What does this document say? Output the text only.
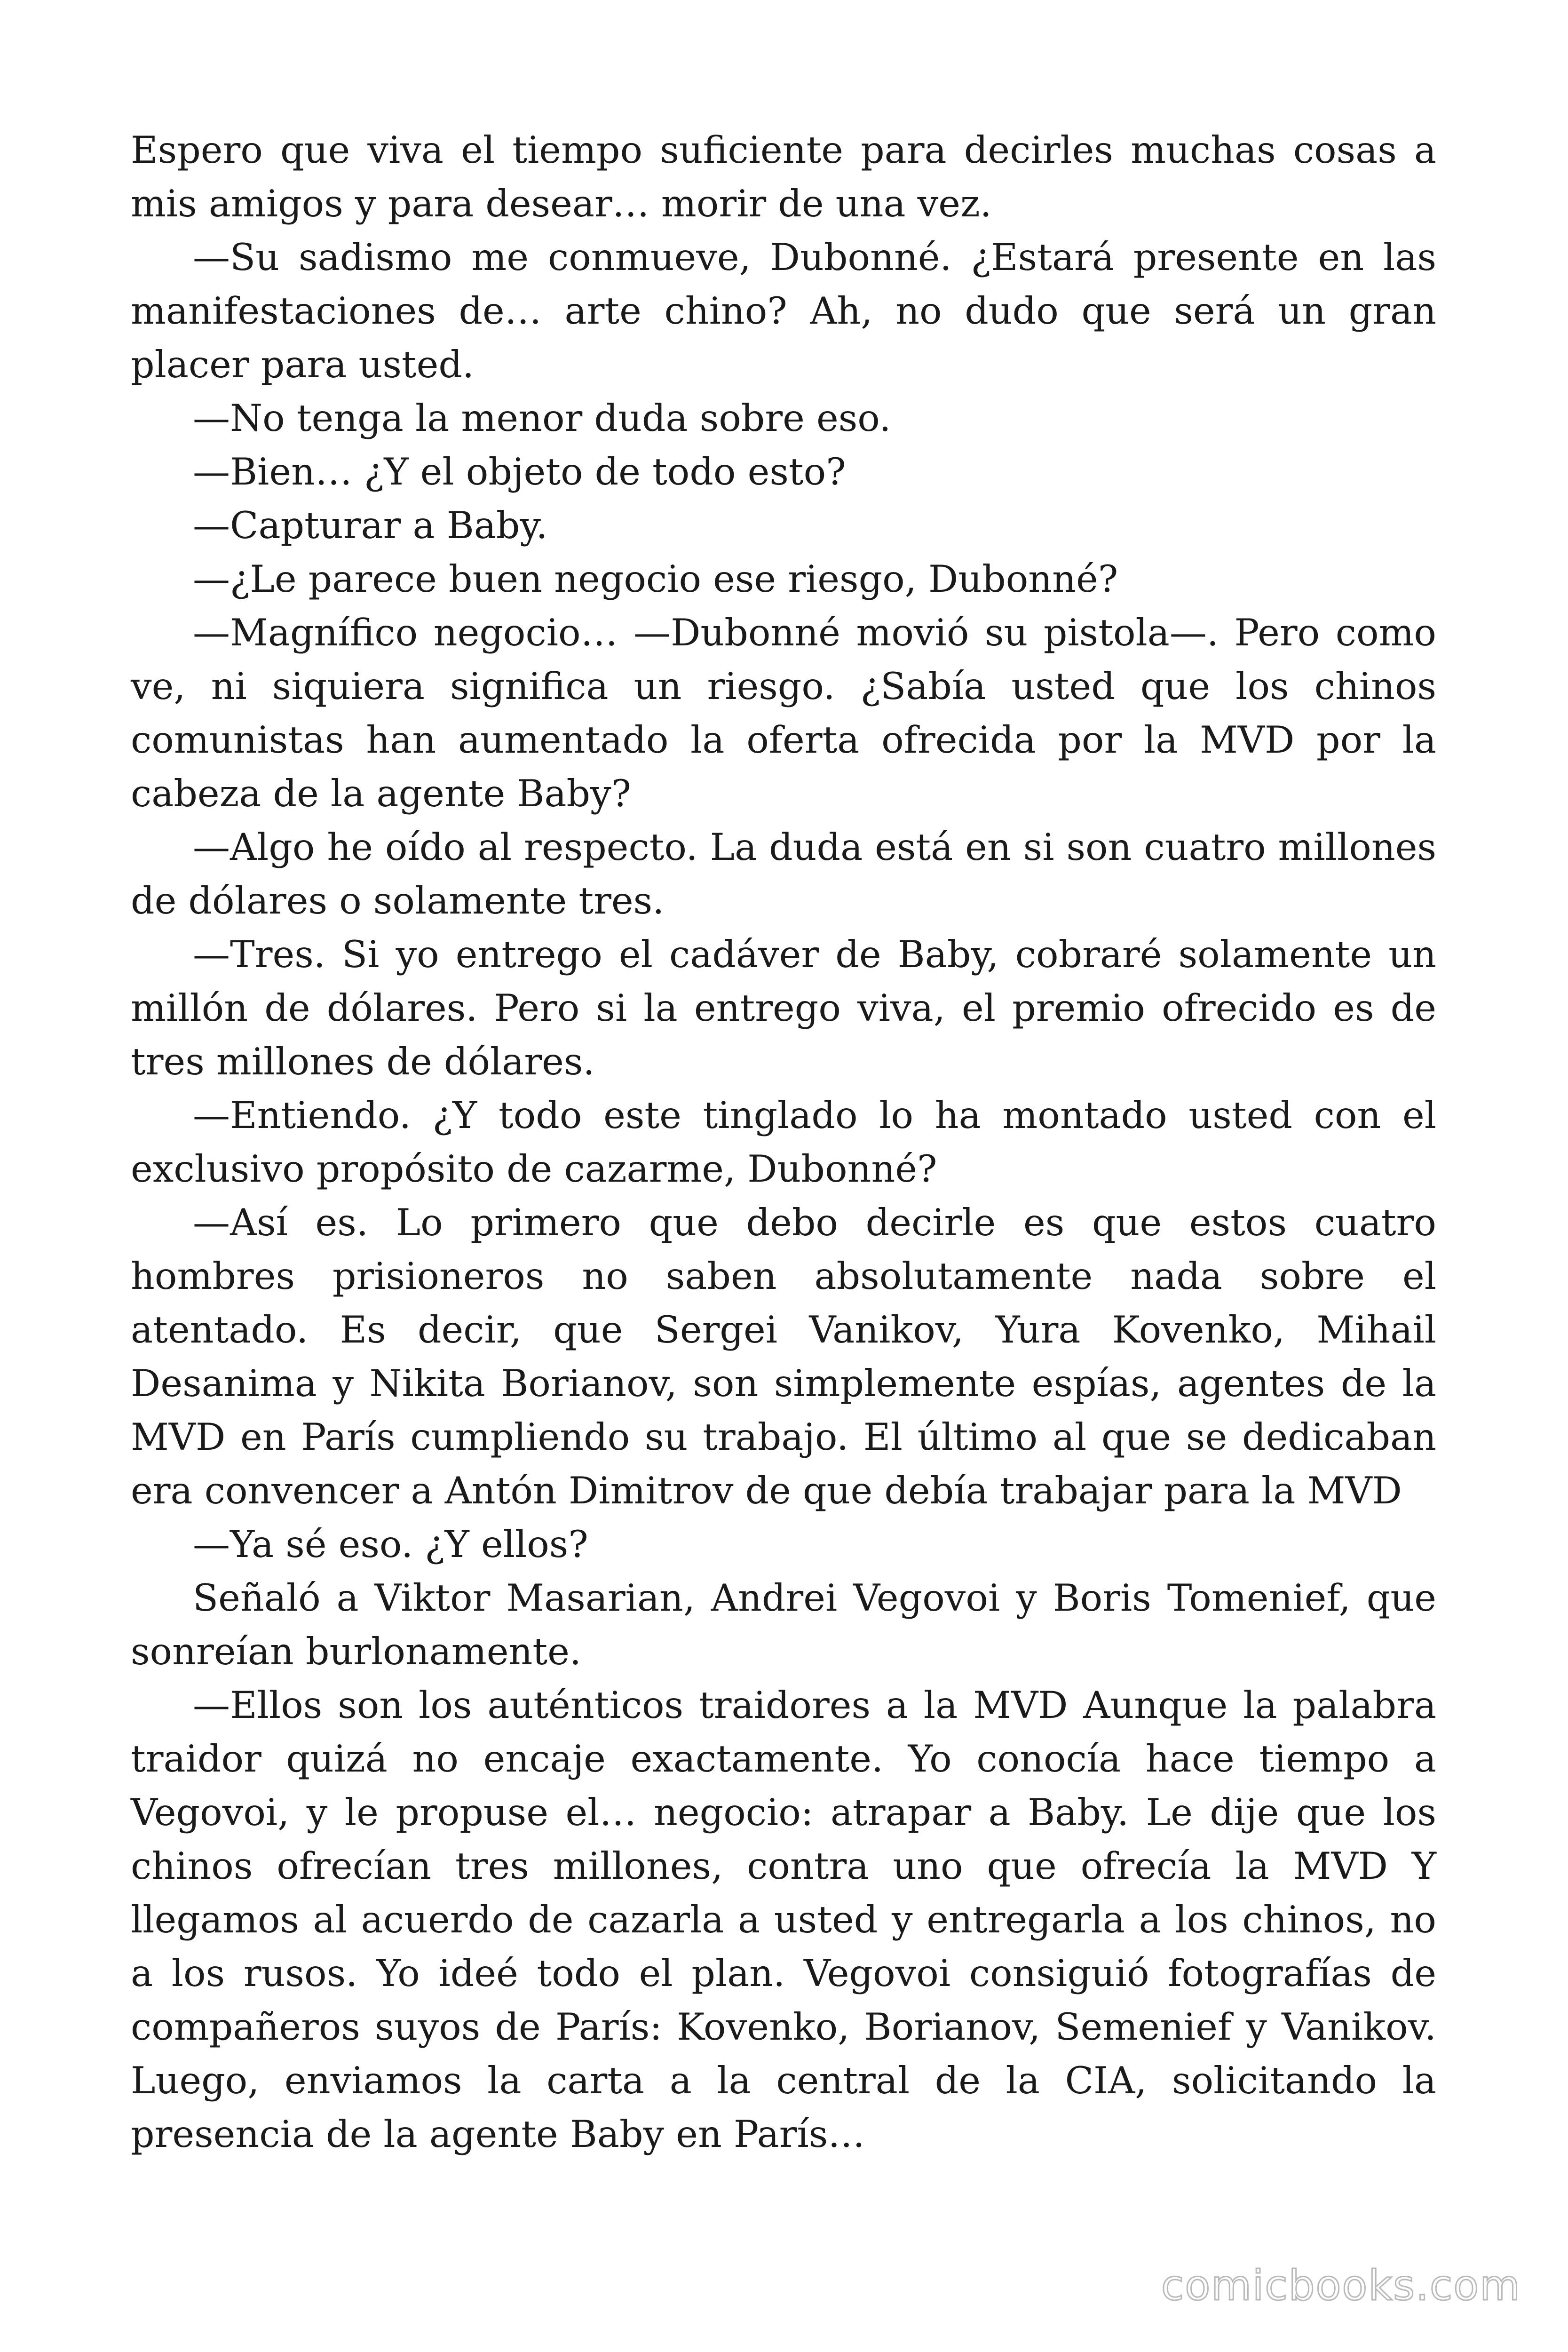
Espero que viva el tiempo suficiente para decirles muchas cosas a mis amigos y para desear… morir de una vez.

—Su sadismo me conmueve, Dubonné. ¿Estará presente en las manifestaciones de… arte chino? Ah, no dudo que será un gran placer para usted.

—No tenga la menor duda sobre eso.

—Bien… ¿Y el objeto de todo esto?

—Capturar a Baby.

—¿Le parece buen negocio ese riesgo, Dubonné?

—Magnífico negocio… —Dubonné movió su pistola—. Pero como ve, ni siquiera significa un riesgo. ¿Sabía usted que los chinos comunistas han aumentado la oferta ofrecida por la MVD por la cabeza de la agente Baby?

—Algo he oído al respecto. La duda está en si son cuatro millones de dólares o solamente tres.

—Tres. Si yo entrego el cadáver de Baby, cobraré solamente un millón de dólares. Pero si la entrego viva, el premio ofrecido es de tres millones de dólares.

—Entiendo. ¿Y todo este tinglado lo ha montado usted con el exclusivo propósito de cazarme, Dubonné?

—Así es. Lo primero que debo decirle es que estos cuatro hombres prisioneros no saben absolutamente nada sobre el atentado. Es decir, que Sergei Vanikov, Yura Kovenko, Mihail Desanima y Nikita Borianov, son simplemente espías, agentes de la MVD en París cumpliendo su trabajo. El último al que se dedicaban era convencer a Antón Dimitrov de que debía trabajar para la MVD

—Ya sé eso. ¿Y ellos?

Señaló a Viktor Masarian, Andrei Vegovoi y Boris Tomenief, que sonreían burlonamente.

—Ellos son los auténticos traidores a la MVD Aunque la palabra traidor quizá no encaje exactamente. Yo conocía hace tiempo a Vegovoi, y le propuse el… negocio: atrapar a Baby. Le dije que los chinos ofrecían tres millones, contra uno que ofrecía la MVD Y llegamos al acuerdo de cazarla a usted y entregarla a los chinos, no a los rusos. Yo ideé todo el plan. Vegovoi consiguió fotografías de compañeros suyos de París: Kovenko, Borianov, Semenief y Vanikov. Luego, enviamos la carta a la central de la CIA, solicitando la presencia de la agente Baby en París…

comicbooks.com
